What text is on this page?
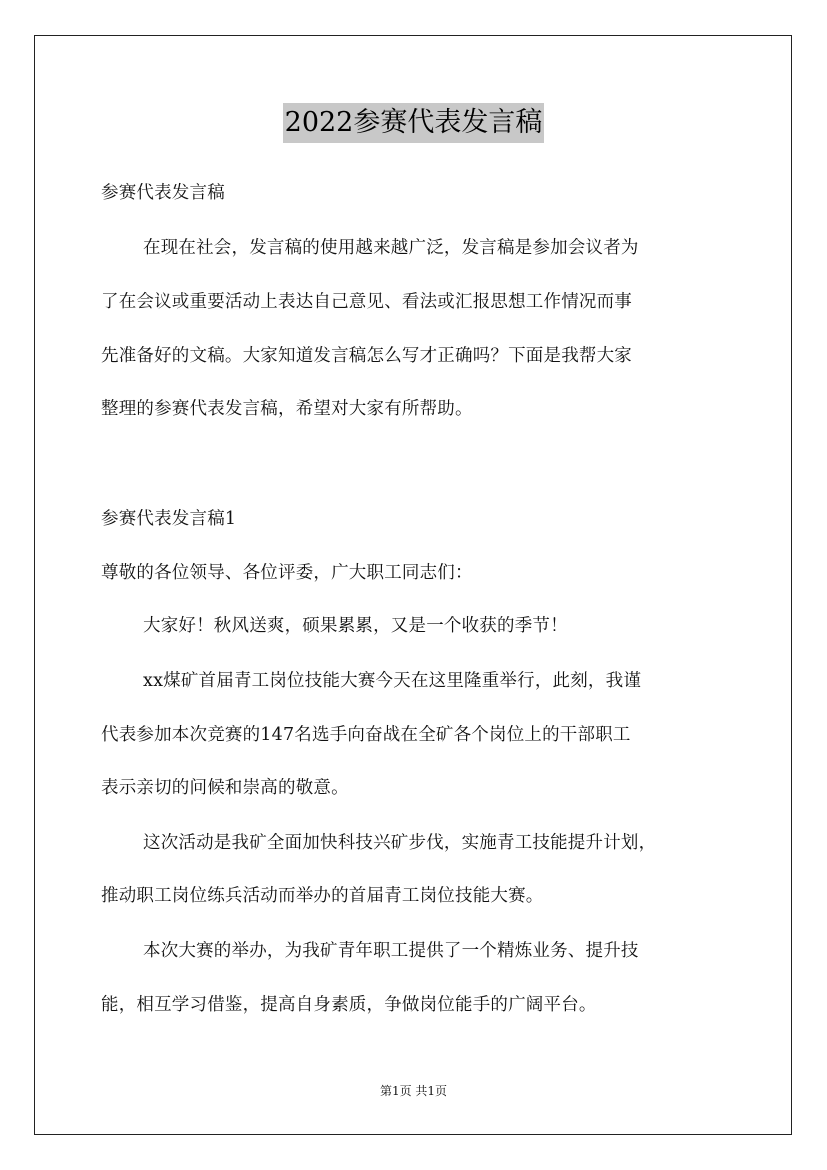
2022参赛代表发言稿
参赛代表发言稿
在现在社会，发言稿的使用越来越广泛，发言稿是参加会议者为
了在会议或重要活动上表达自己意见、看法或汇报思想工作情况而事
先准备好的文稿。大家知道发言稿怎么写才正确吗？下面是我帮大家
整理的参赛代表发言稿，希望对大家有所帮助。
参赛代表发言稿1
尊敬的各位领导、各位评委，广大职工同志们：
大家好！秋风送爽，硕果累累，又是一个收获的季节！
xx煤矿首届青工岗位技能大赛今天在这里隆重举行，此刻，我谨
代表参加本次竞赛的147名选手向奋战在全矿各个岗位上的干部职工
表示亲切的问候和崇高的敬意。
这次活动是我矿全面加快科技兴矿步伐，实施青工技能提升计划，
推动职工岗位练兵活动而举办的首届青工岗位技能大赛。
本次大赛的举办，为我矿青年职工提供了一个精炼业务、提升技
能，相互学习借鉴，提高自身素质，争做岗位能手的广阔平台。
第1页 共1页
